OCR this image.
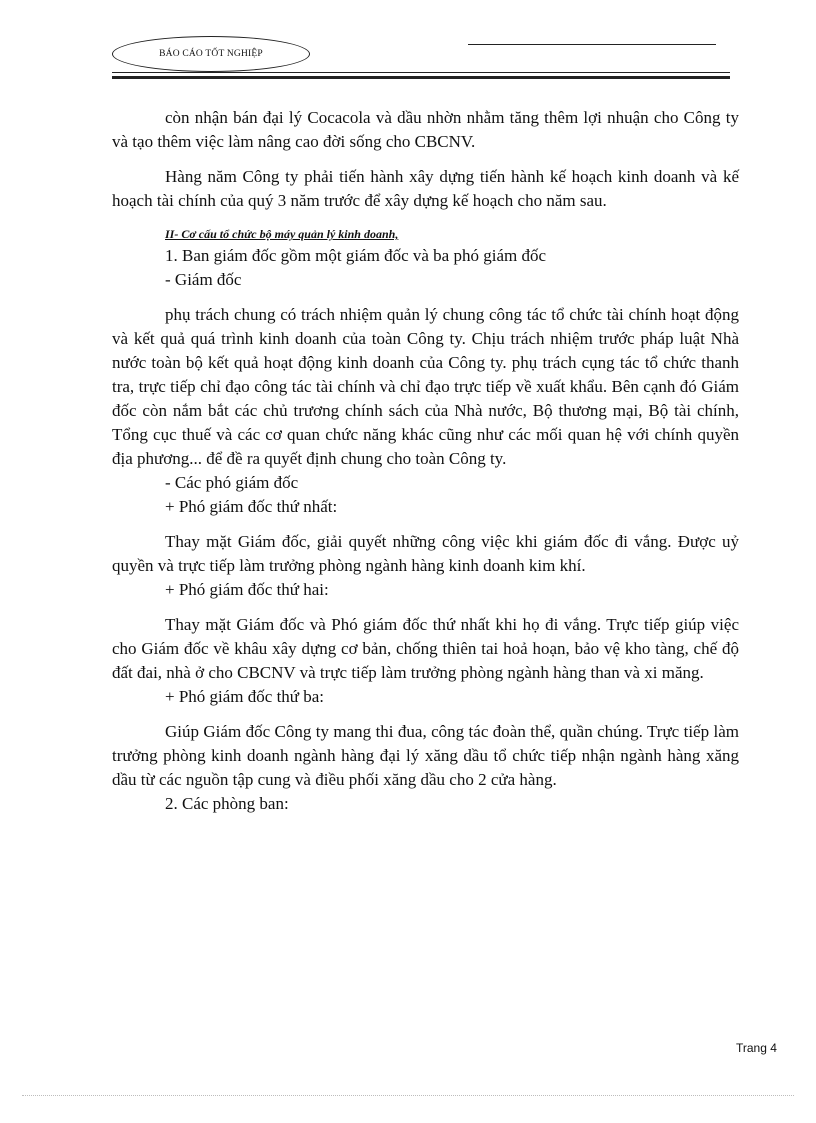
BÁO CÁO TỐT NGHIỆP

còn nhận bán đại lý Cocacola và dầu nhờn nhằm tăng thêm lợi nhuận cho Công ty và tạo thêm việc làm nâng cao đời sống cho CBCNV.

Hàng năm Công ty phải tiến hành xây dựng tiến hành kế hoạch kinh doanh và kế hoạch tài chính của quý 3 năm trước để xây dựng kế hoạch cho năm sau.

II- Cơ cấu tổ chức bộ máy quản lý kinh doanh,

1. Ban giám đốc gồm một giám đốc và ba phó giám đốc

- Giám đốc

phụ trách chung có trách nhiệm quản lý chung công tác tổ chức tài chính hoạt động và kết quả quá trình kinh doanh của toàn Công ty. Chịu trách nhiệm trước pháp luật Nhà nước toàn bộ kết quả hoạt động kinh doanh của Công ty. phụ trách cụng tác tổ chức thanh tra, trực tiếp chỉ đạo công tác tài chính và chỉ đạo trực tiếp về xuất khẩu. Bên cạnh đó Giám đốc còn nắm bắt các chủ trương chính sách của Nhà nước, Bộ thương mại, Bộ tài chính, Tổng cục thuế và các cơ quan chức năng khác cũng như các mối quan hệ với chính quyền địa phương... để đề ra quyết định chung cho toàn Công ty.

- Các phó giám đốc

+ Phó giám đốc thứ nhất:

Thay mặt Giám đốc, giải quyết những công việc khi giám đốc đi vắng. Được uỷ quyền và trực tiếp làm trưởng phòng ngành hàng kinh doanh kim khí.

+ Phó giám đốc thứ hai:

Thay mặt Giám đốc và Phó giám đốc thứ nhất khi họ đi vắng. Trực tiếp giúp việc cho Giám đốc về khâu xây dựng cơ bản, chống thiên tai hoả hoạn, bảo vệ kho tàng, chế độ đất đai, nhà ở cho CBCNV và trực tiếp làm trưởng phòng ngành hàng than và xi măng.

+ Phó giám đốc thứ ba:

Giúp Giám đốc Công ty mang thi đua, công tác đoàn thể, quần chúng. Trực tiếp làm trưởng phòng kinh doanh ngành hàng đại lý xăng dầu tổ chức tiếp nhận ngành hàng xăng dầu từ các nguồn tập cung và điều phối xăng dầu cho 2 cửa hàng.

2. Các phòng ban:

Trang 4
